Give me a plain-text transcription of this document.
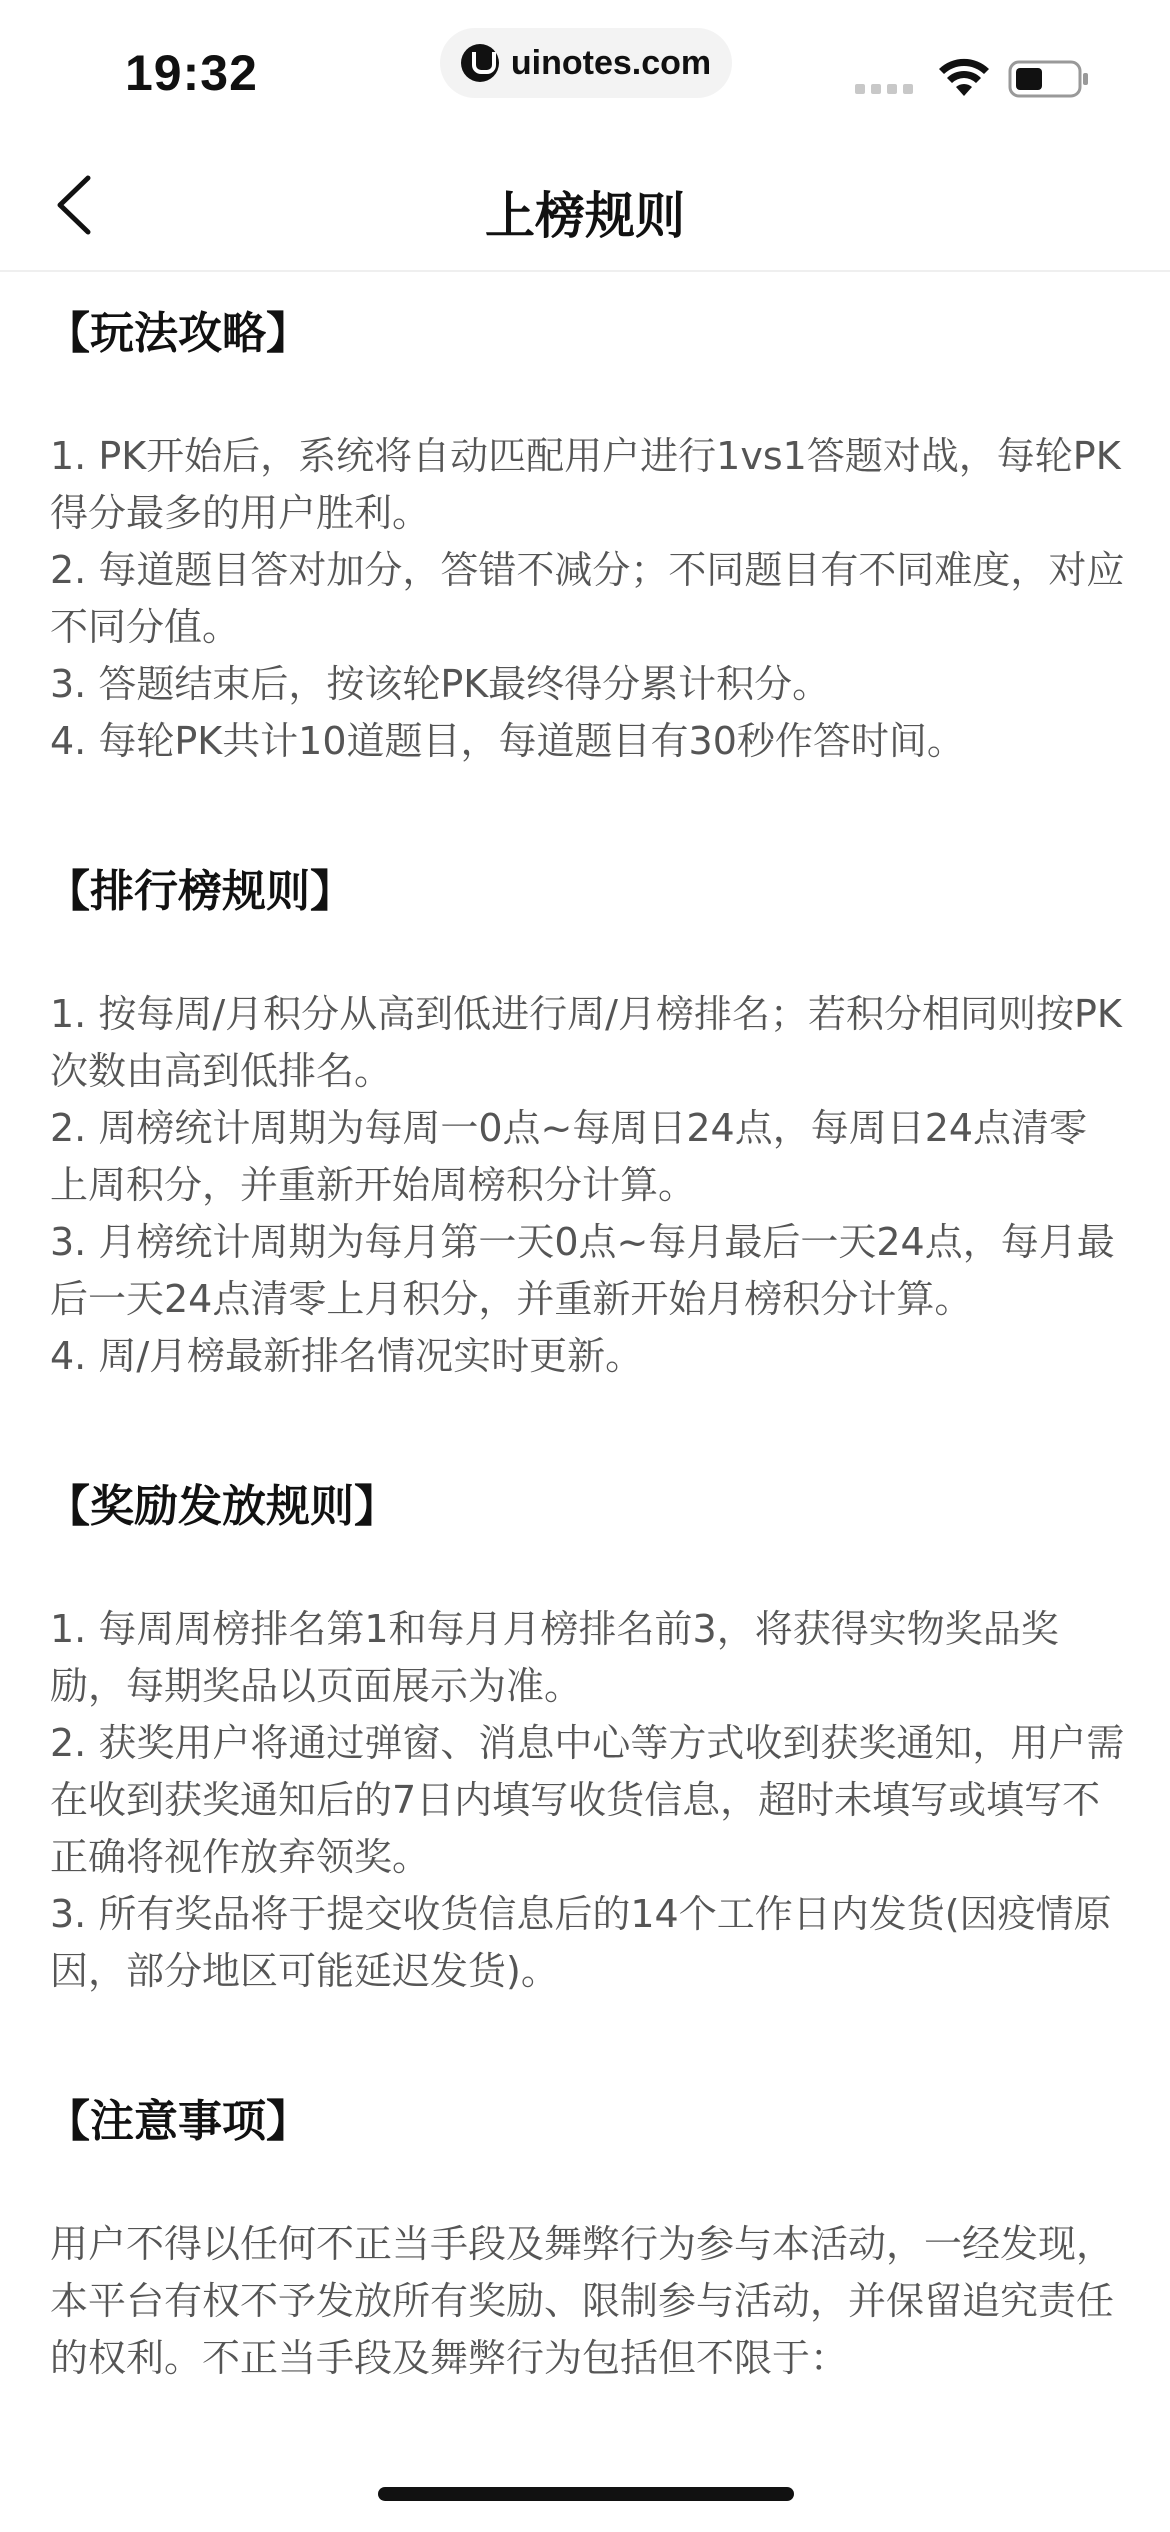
19:32	uinotes.com
上榜规则
【玩法攻略】

1. PK开始后，系统将自动匹配用户进行1vs1答题对战，每轮PK得分最多的用户胜利。

2. 每道题目答对加分，答错不减分；不同题目有不同难度，对应不同分值。

3. 答题结束后，按该轮PK最终得分累计积分。

4. 每轮PK共计10道题目，每道题目有30秒作答时间。

【排行榜规则】

1. 按每周/月积分从高到低进行周/月榜排名；若积分相同则按PK次数由高到低排名。

2. 周榜统计周期为每周一0点~每周日24点，每周日24点清零上周积分，并重新开始周榜积分计算。

3. 月榜统计周期为每月第一天0点~每月最后一天24点，每月最后一天24点清零上月积分，并重新开始月榜积分计算。

4. 周/月榜最新排名情况实时更新。

【奖励发放规则】

1. 每周周榜排名第1和每月月榜排名前3，将获得实物奖品奖励，每期奖品以页面展示为准。

2. 获奖用户将通过弹窗、消息中心等方式收到获奖通知，用户需在收到获奖通知后的7日内填写收货信息，超时未填写或填写不正确将视作放弃领奖。

3. 所有奖品将于提交收货信息后的14个工作日内发货(因疫情原因，部分地区可能延迟发货)。

【注意事项】

用户不得以任何不正当手段及舞弊行为参与本活动，一经发现，本平台有权不予发放所有奖励、限制参与活动，并保留追究责任的权利。不正当手段及舞弊行为包括但不限于：
